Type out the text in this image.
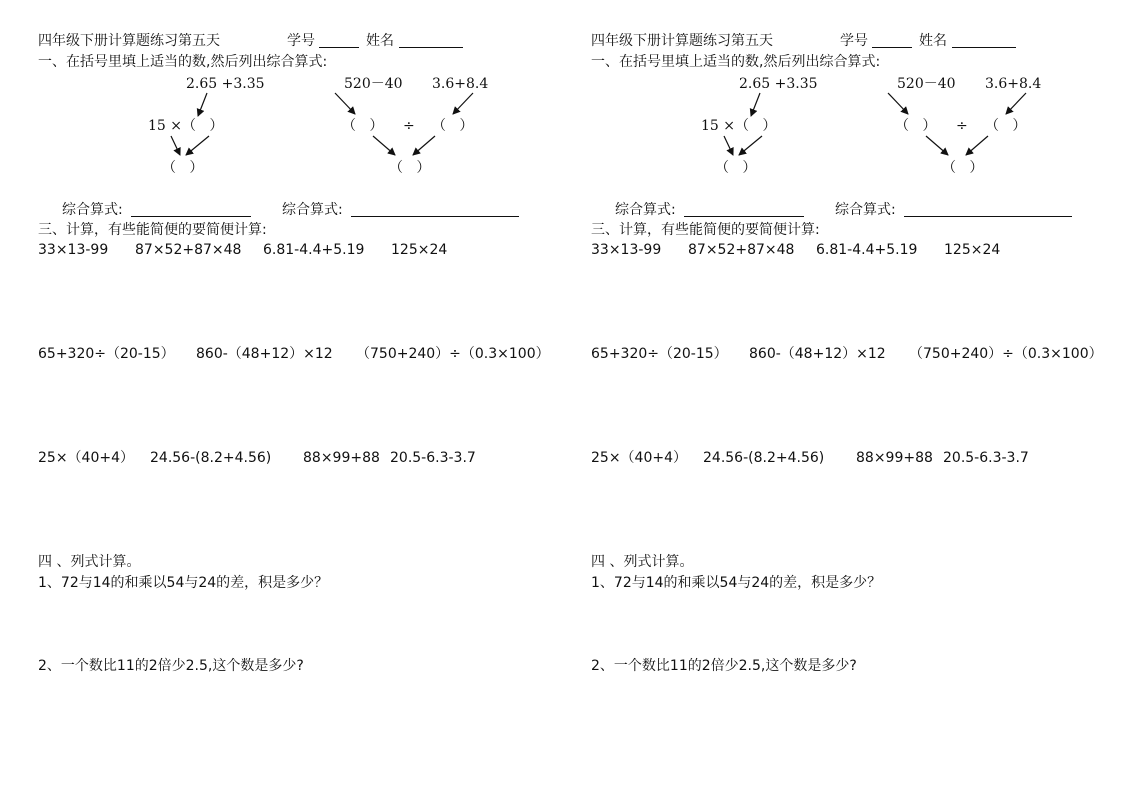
四年级下册计算题练习第五天	学号	姓名
一、在括号里填上适当的数,然后列出综合算式:
2.65 +3.35
15 ×（   ）
（   ）
520－40 3.6+8.4
（   ） ÷ （   ）
（   ）
综合算式:	综合算式:
三、计算，有些能简便的要简便计算:
33×13-99 87×52+87×48 6.81-4.4+5.19 125×24
65+320÷（20-15） 860-（48+12）×12 （750+240）÷（0.3×100）
25×（40+4） 24.56-(8.2+4.56) 88×99+88 20.5-6.3-3.7
四 、列式计算。
1、72与14的和乘以54与24的差，积是多少？
2、一个数比11的2倍少2.5,这个数是多少?
四年级下册计算题练习第五天	学号	姓名
一、在括号里填上适当的数,然后列出综合算式:
2.65 +3.35
15 ×（   ）
（   ）
520－40 3.6+8.4
（   ） ÷ （   ）
（   ）
综合算式:	综合算式:
三、计算，有些能简便的要简便计算:
33×13-99 87×52+87×48 6.81-4.4+5.19 125×24
65+320÷（20-15） 860-（48+12）×12 （750+240）÷（0.3×100）
25×（40+4） 24.56-(8.2+4.56) 88×99+88 20.5-6.3-3.7
四 、列式计算。
1、72与14的和乘以54与24的差，积是多少？
2、一个数比11的2倍少2.5,这个数是多少?
